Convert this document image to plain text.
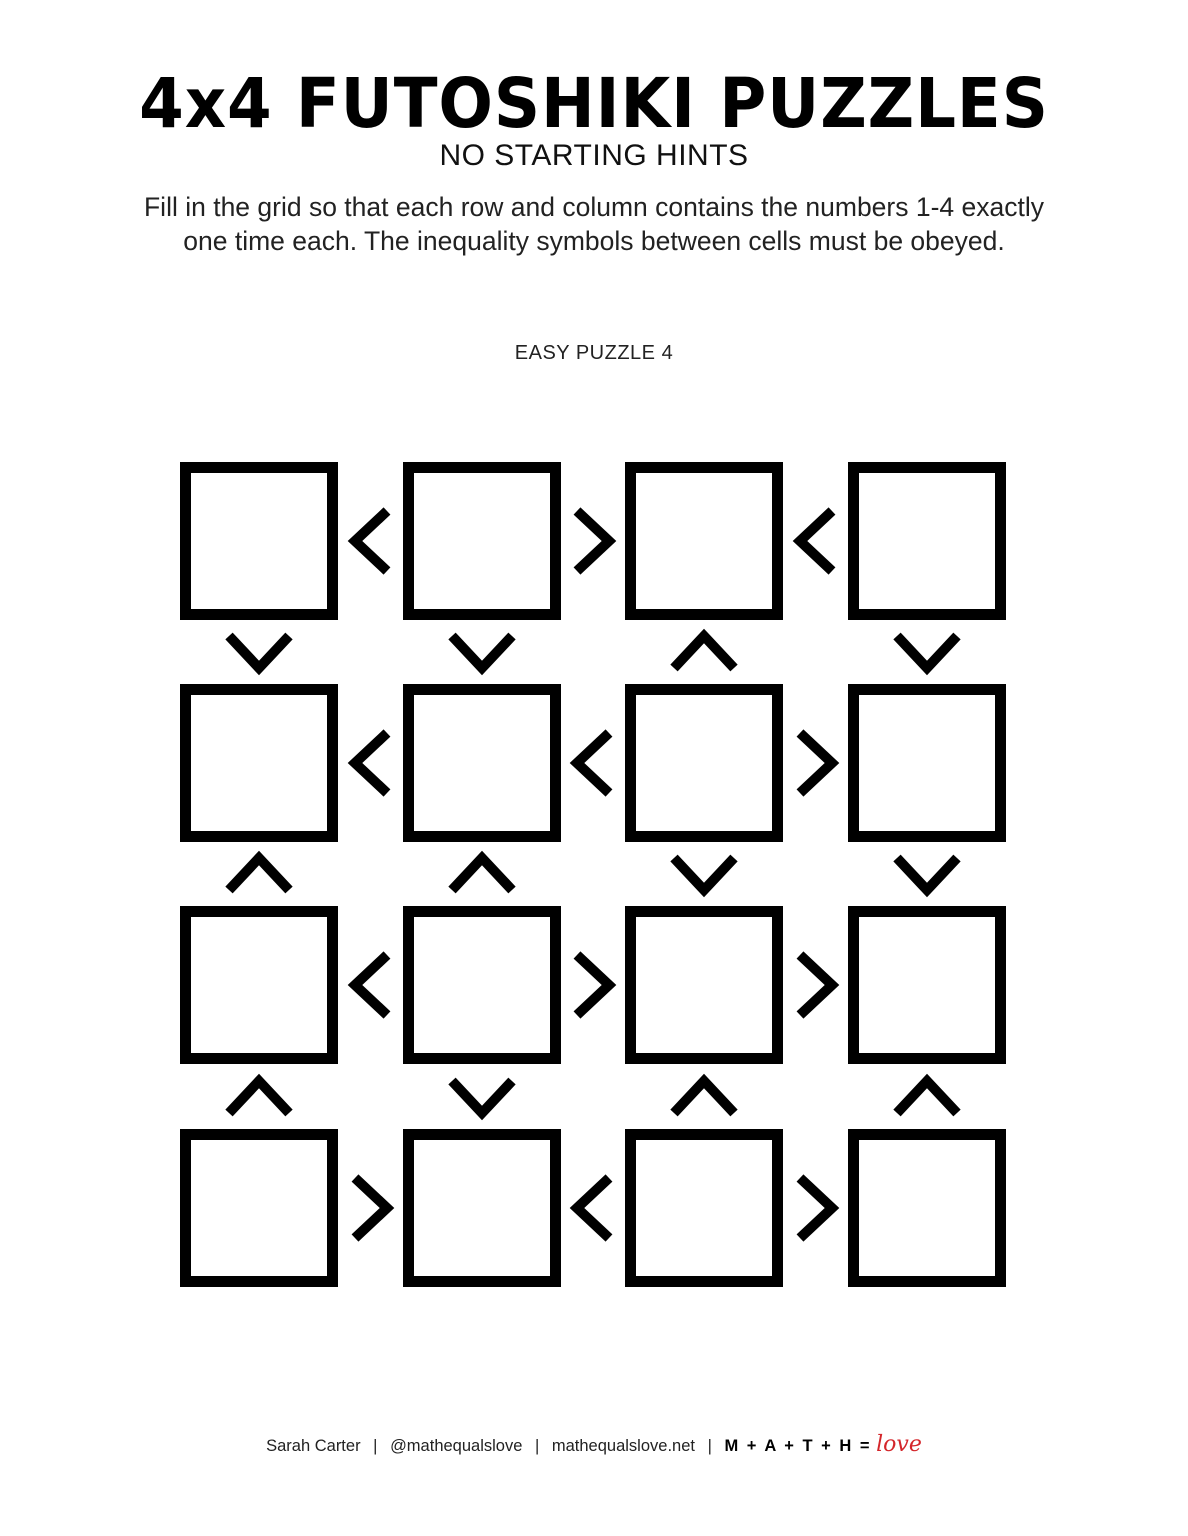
4x4 FUTOSHIKI PUZZLES
NO STARTING HINTS
Fill in the grid so that each row and column contains the numbers 1-4 exactly
one time each. The inequality symbols between cells must be obeyed.
EASY PUZZLE 4
Sarah Carter | @mathequalslove | mathequalslove.net | M + A + T + H = love
